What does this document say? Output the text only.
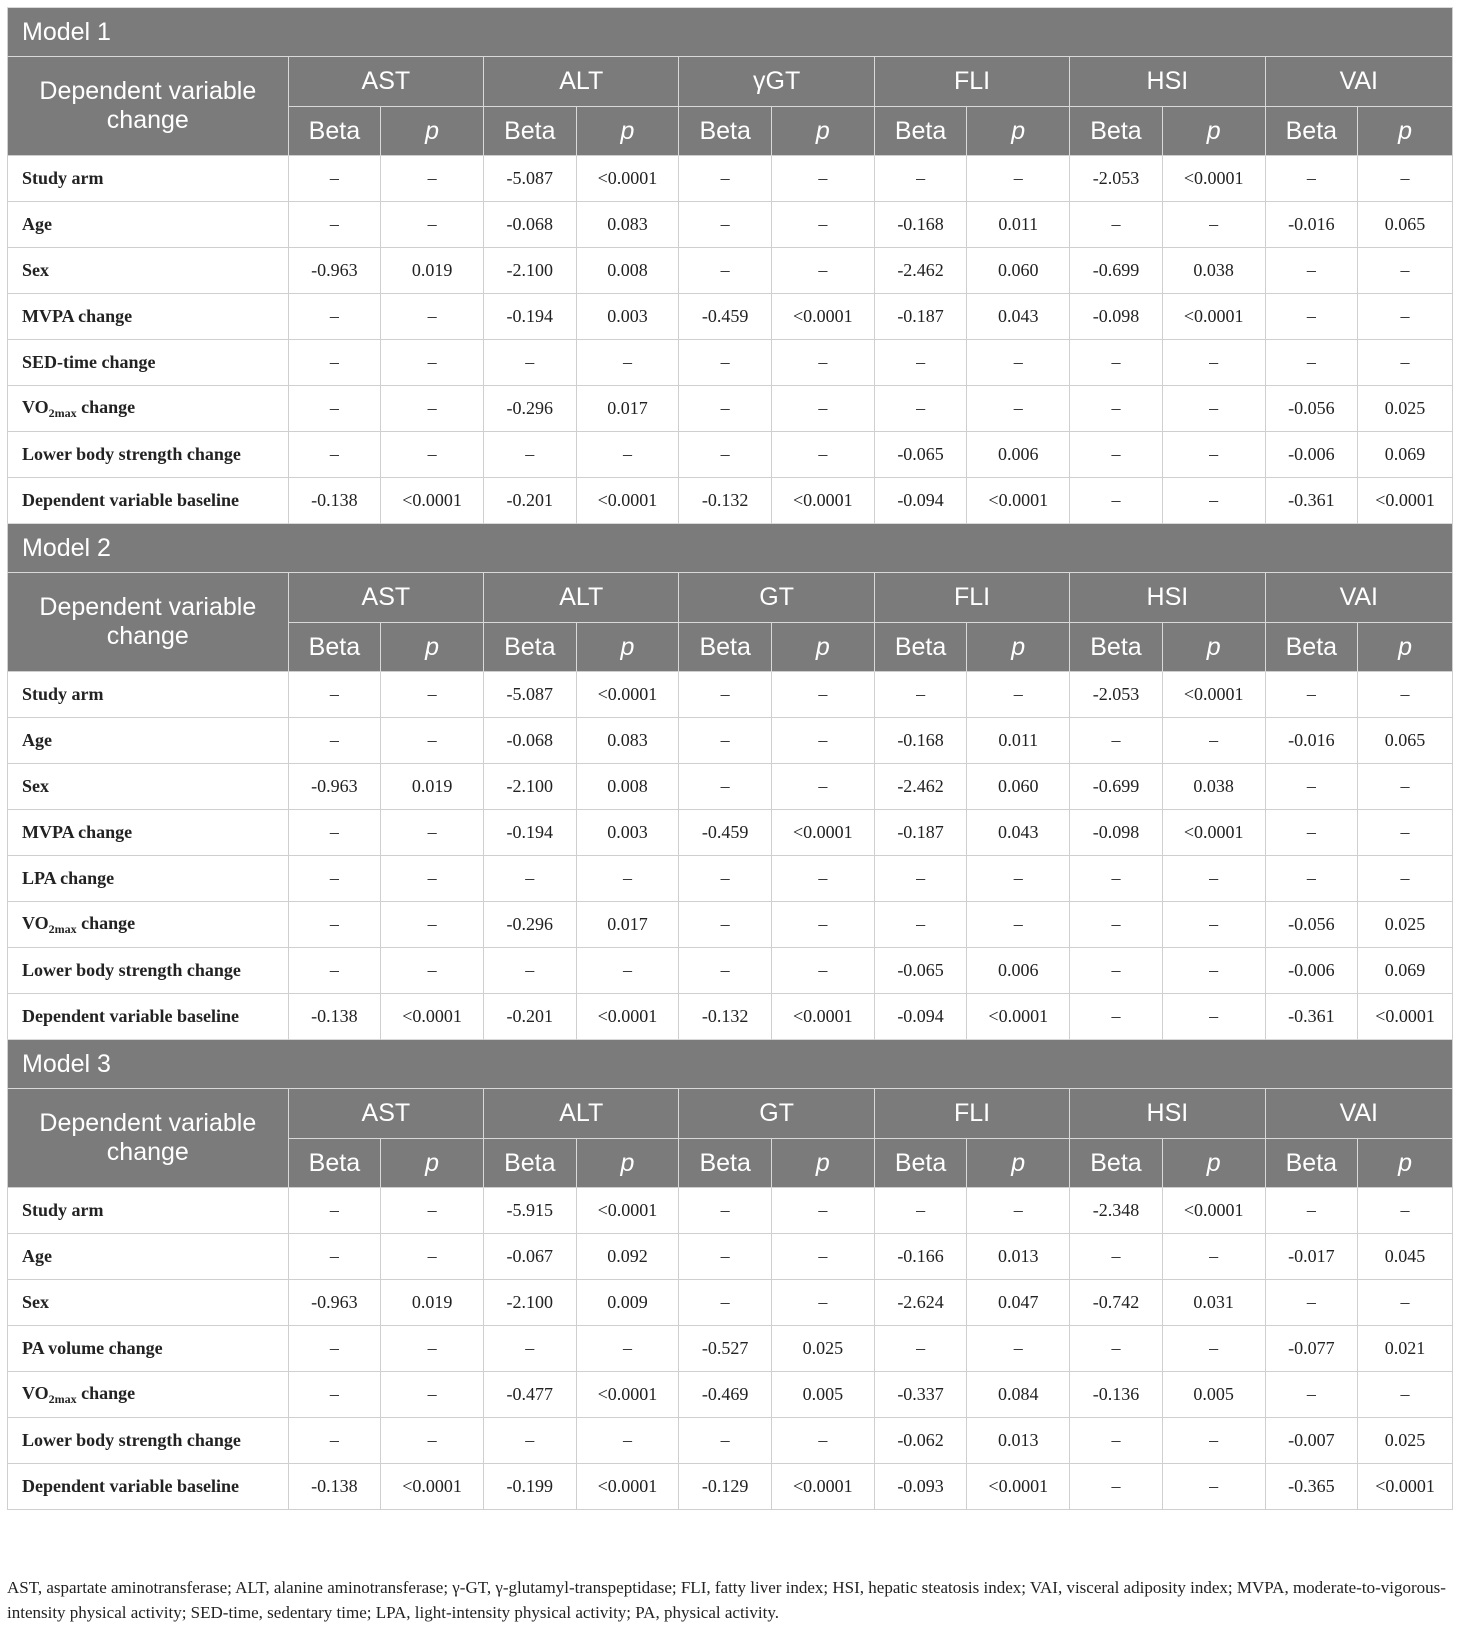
Model 1												
Dependent variable change	AST		ALT		γGT		FLI		HSI		VAI	
	Beta	p	Beta	p	Beta	p	Beta	p	Beta	p	Beta	p
Study arm	–	–	-5.087	<0.0001	–	–	–	–	-2.053	<0.0001	–	–
Age	–	–	-0.068	0.083	–	–	-0.168	0.011	–	–	-0.016	0.065
Sex	-0.963	0.019	-2.100	0.008	–	–	-2.462	0.060	-0.699	0.038	–	–
MVPA change	–	–	-0.194	0.003	-0.459	<0.0001	-0.187	0.043	-0.098	<0.0001	–	–
SED-time change	–	–	–	–	–	–	–	–	–	–	–	–
$VO_{2max}$ change	–	–	-0.296	0.017	–	–	–	–	–	–	-0.056	0.025
Lower body strength change	–	–	–	–	–	–	-0.065	0.006	–	–	-0.006	0.069
Dependent variable baseline	-0.138	<0.0001	-0.201	<0.0001	-0.132	<0.0001	-0.094	<0.0001	–	–	-0.361	<0.0001
Model 2												
Dependent variable change	AST		ALT		GT		FLI		HSI		VAI	
	Beta	p	Beta	p	Beta	p	Beta	p	Beta	p	Beta	p
Study arm	–	–	-5.087	<0.0001	–	–	–	–	-2.053	<0.0001	–	–
Age	–	–	-0.068	0.083	–	–	-0.168	0.011	–	–	-0.016	0.065
Sex	-0.963	0.019	-2.100	0.008	–	–	-2.462	0.060	-0.699	0.038	–	–
MVPA change	–	–	-0.194	0.003	-0.459	<0.0001	-0.187	0.043	-0.098	<0.0001	–	–
LPA change	–	–	–	–	–	–	–	–	–	–	–	–
$VO_{2max}$ change	–	–	-0.296	0.017	–	–	–	–	–	–	-0.056	0.025
Lower body strength change	–	–	–	–	–	–	-0.065	0.006	–	–	-0.006	0.069
Dependent variable baseline	-0.138	<0.0001	-0.201	<0.0001	-0.132	<0.0001	-0.094	<0.0001	–	–	-0.361	<0.0001
Model 3												
Dependent variable change	AST		ALT		GT		FLI		HSI		VAI	
	Beta	p	Beta	p	Beta	p	Beta	p	Beta	p	Beta	p
Study arm	–	–	-5.915	<0.0001	–	–	–	–	-2.348	<0.0001	–	–
Age	–	–	-0.067	0.092	–	–	-0.166	0.013	–	–	-0.017	0.045
Sex	-0.963	0.019	-2.100	0.009	–	–	-2.624	0.047	-0.742	0.031	–	–
PA volume change	–	–	–	–	-0.527	0.025	–	–	–	–	-0.077	0.021
$VO_{2max}$ change	–	–	-0.477	<0.0001	-0.469	0.005	-0.337	0.084	-0.136	0.005	–	–
Lower body strength change	–	–	–	–	–	–	-0.062	0.013	–	–	-0.007	0.025
Dependent variable baseline	-0.138	<0.0001	-0.199	<0.0001	-0.129	<0.0001	-0.093	<0.0001	–	–	-0.365	<0.0001
AST, aspartate aminotransferase; ALT, alanine aminotransferase; γ-GT, γ-glutamyl-transpeptidase; FLI, fatty liver index; HSI, hepatic steatosis index; VAI, visceral adiposity index; MVPA, moderate-to-vigorous-intensity physical activity; SED-time, sedentary time; LPA, light-intensity physical activity; PA, physical activity.
